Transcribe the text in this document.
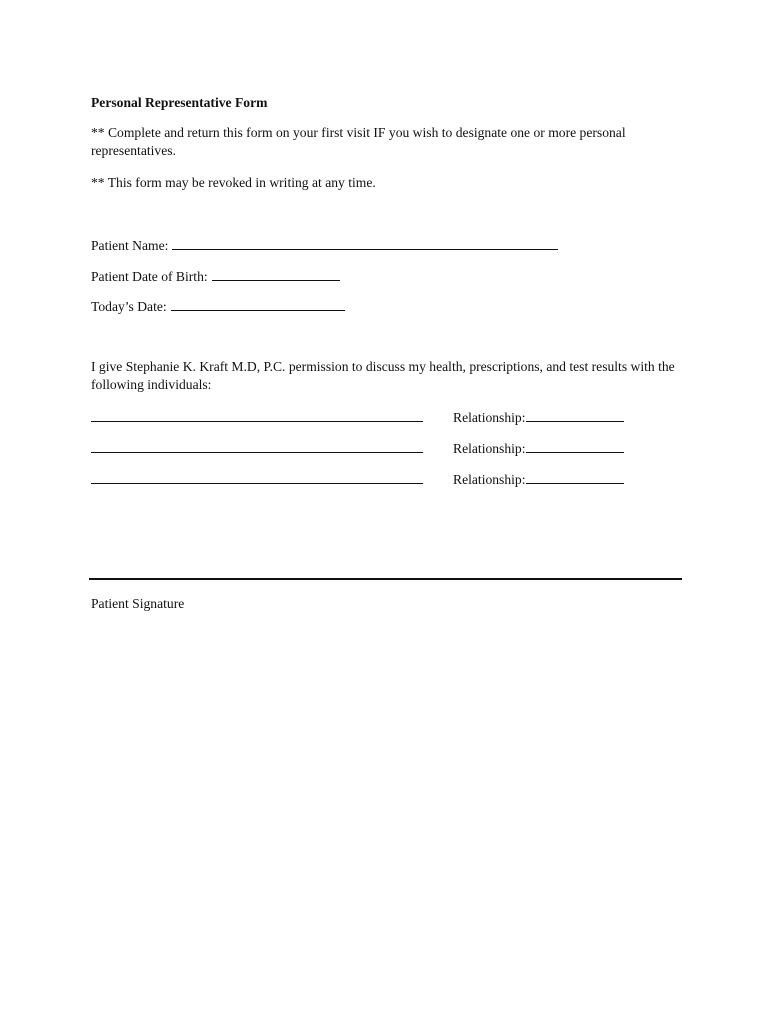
Personal Representative Form
** Complete and return this form on your first visit IF you wish to designate one or more personal representatives.
** This form may be revoked in writing at any time.
Patient Name:
Patient Date of Birth:
Today’s Date:
I give Stephanie K. Kraft M.D, P.C. permission to discuss my health, prescriptions, and test results with the following individuals:
Relationship:
Relationship:
Relationship:
Patient Signature
